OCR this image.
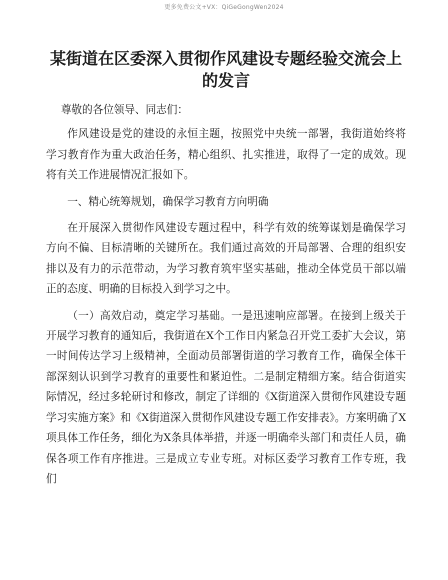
更多免费公文+VX：QiGeGongWen2024
某街道在区委深入贯彻作风建设专题经验交流会上的发言

尊敬的各位领导、同志们：

作风建设是党的建设的永恒主题，按照党中央统一部署，我街道始终将学习教育作为重大政治任务，精心组织、扎实推进，取得了一定的成效。现将有关工作进展情况汇报如下。

一、精心统筹规划，确保学习教育方向明确

在开展深入贯彻作风建设专题过程中，科学有效的统筹谋划是确保学习方向不偏、目标清晰的关键所在。我们通过高效的开局部署、合理的组织安排以及有力的示范带动，为学习教育筑牢坚实基础，推动全体党员干部以端正的态度、明确的目标投入到学习之中。

（一）高效启动，奠定学习基础。一是迅速响应部署。在接到上级关于开展学习教育的通知后，我街道在X个工作日内紧急召开党工委扩大会议，第一时间传达学习上级精神，全面动员部署街道的学习教育工作，确保全体干部深刻认识到学习教育的重要性和紧迫性。二是制定精细方案。结合街道实际情况，经过多轮研讨和修改，制定了详细的《X街道深入贯彻作风建设专题学习实施方案》和《X街道深入贯彻作风建设专题工作安排表》。方案明确了X项具体工作任务，细化为X条具体举措，并逐一明确牵头部门和责任人员，确保各项工作有序推进。三是成立专业专班。对标区委学习教育工作专班，我们
